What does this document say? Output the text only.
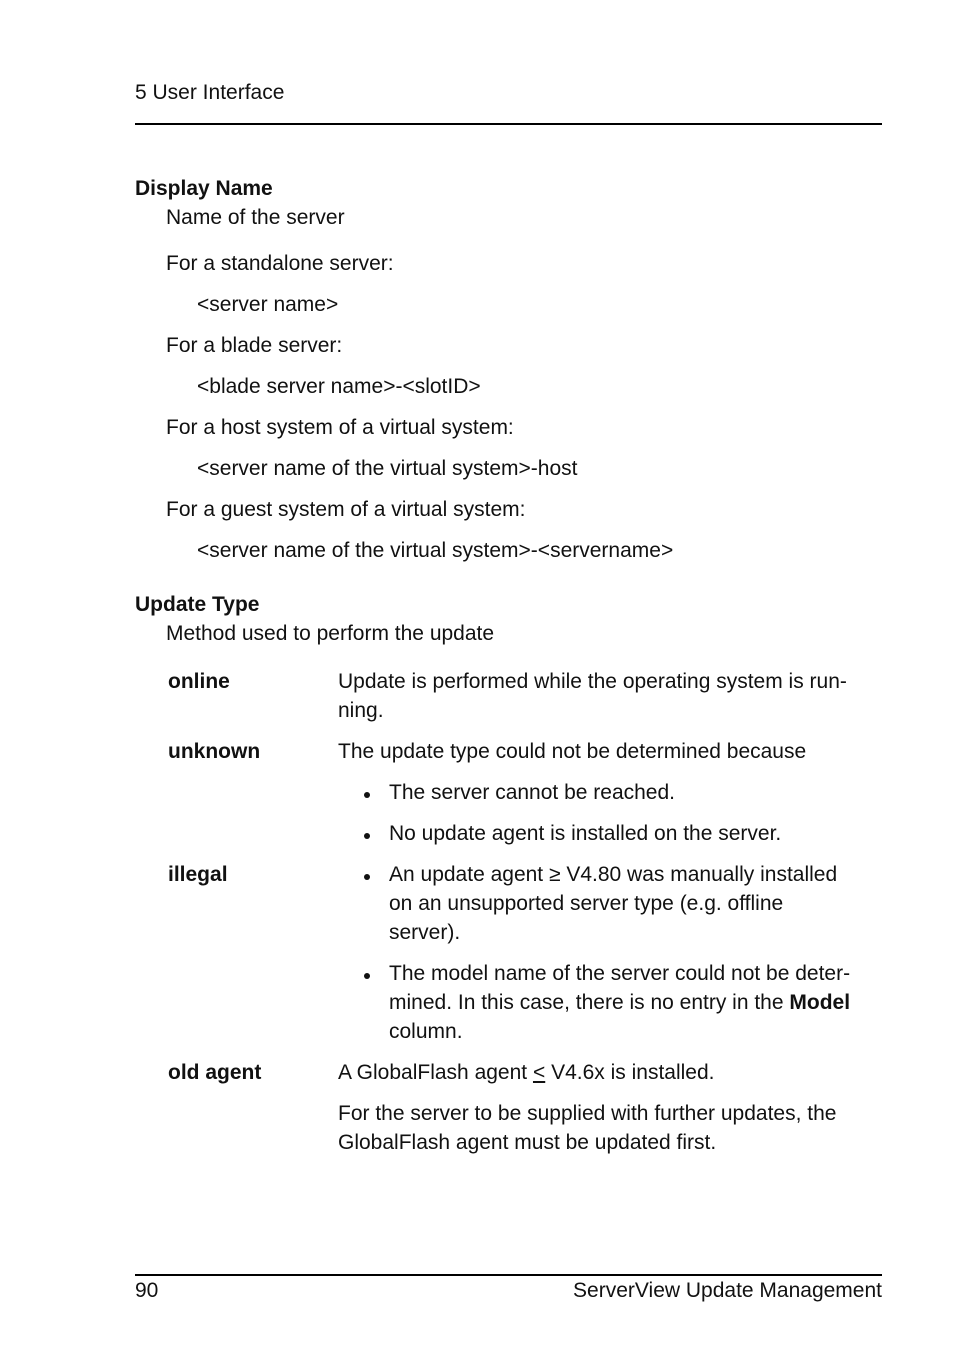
5 User Interface
Display Name
Name of the server
For a standalone server:
<server name>
For a blade server:
<blade server name>-<slotID>
For a host system of a virtual system:
<server name of the virtual system>-host
For a guest system of a virtual system:
<server name of the virtual system>-<servername>
Update Type
Method used to perform the update
online	Update is performed while the operating system is run-
ning.
unknown	The update type could not be determined because
The server cannot be reached.
No update agent is installed on the server.
illegal	An update agent ≥ V4.80 was manually installed
on an unsupported server type (e.g. offline
server).
The model name of the server could not be deter-
mined. In this case, there is no entry in the Model
column.
old agent	A GlobalFlash agent < V4.6x is installed.
For the server to be supplied with further updates, the
GlobalFlash agent must be updated first.
90	ServerView Update Management
